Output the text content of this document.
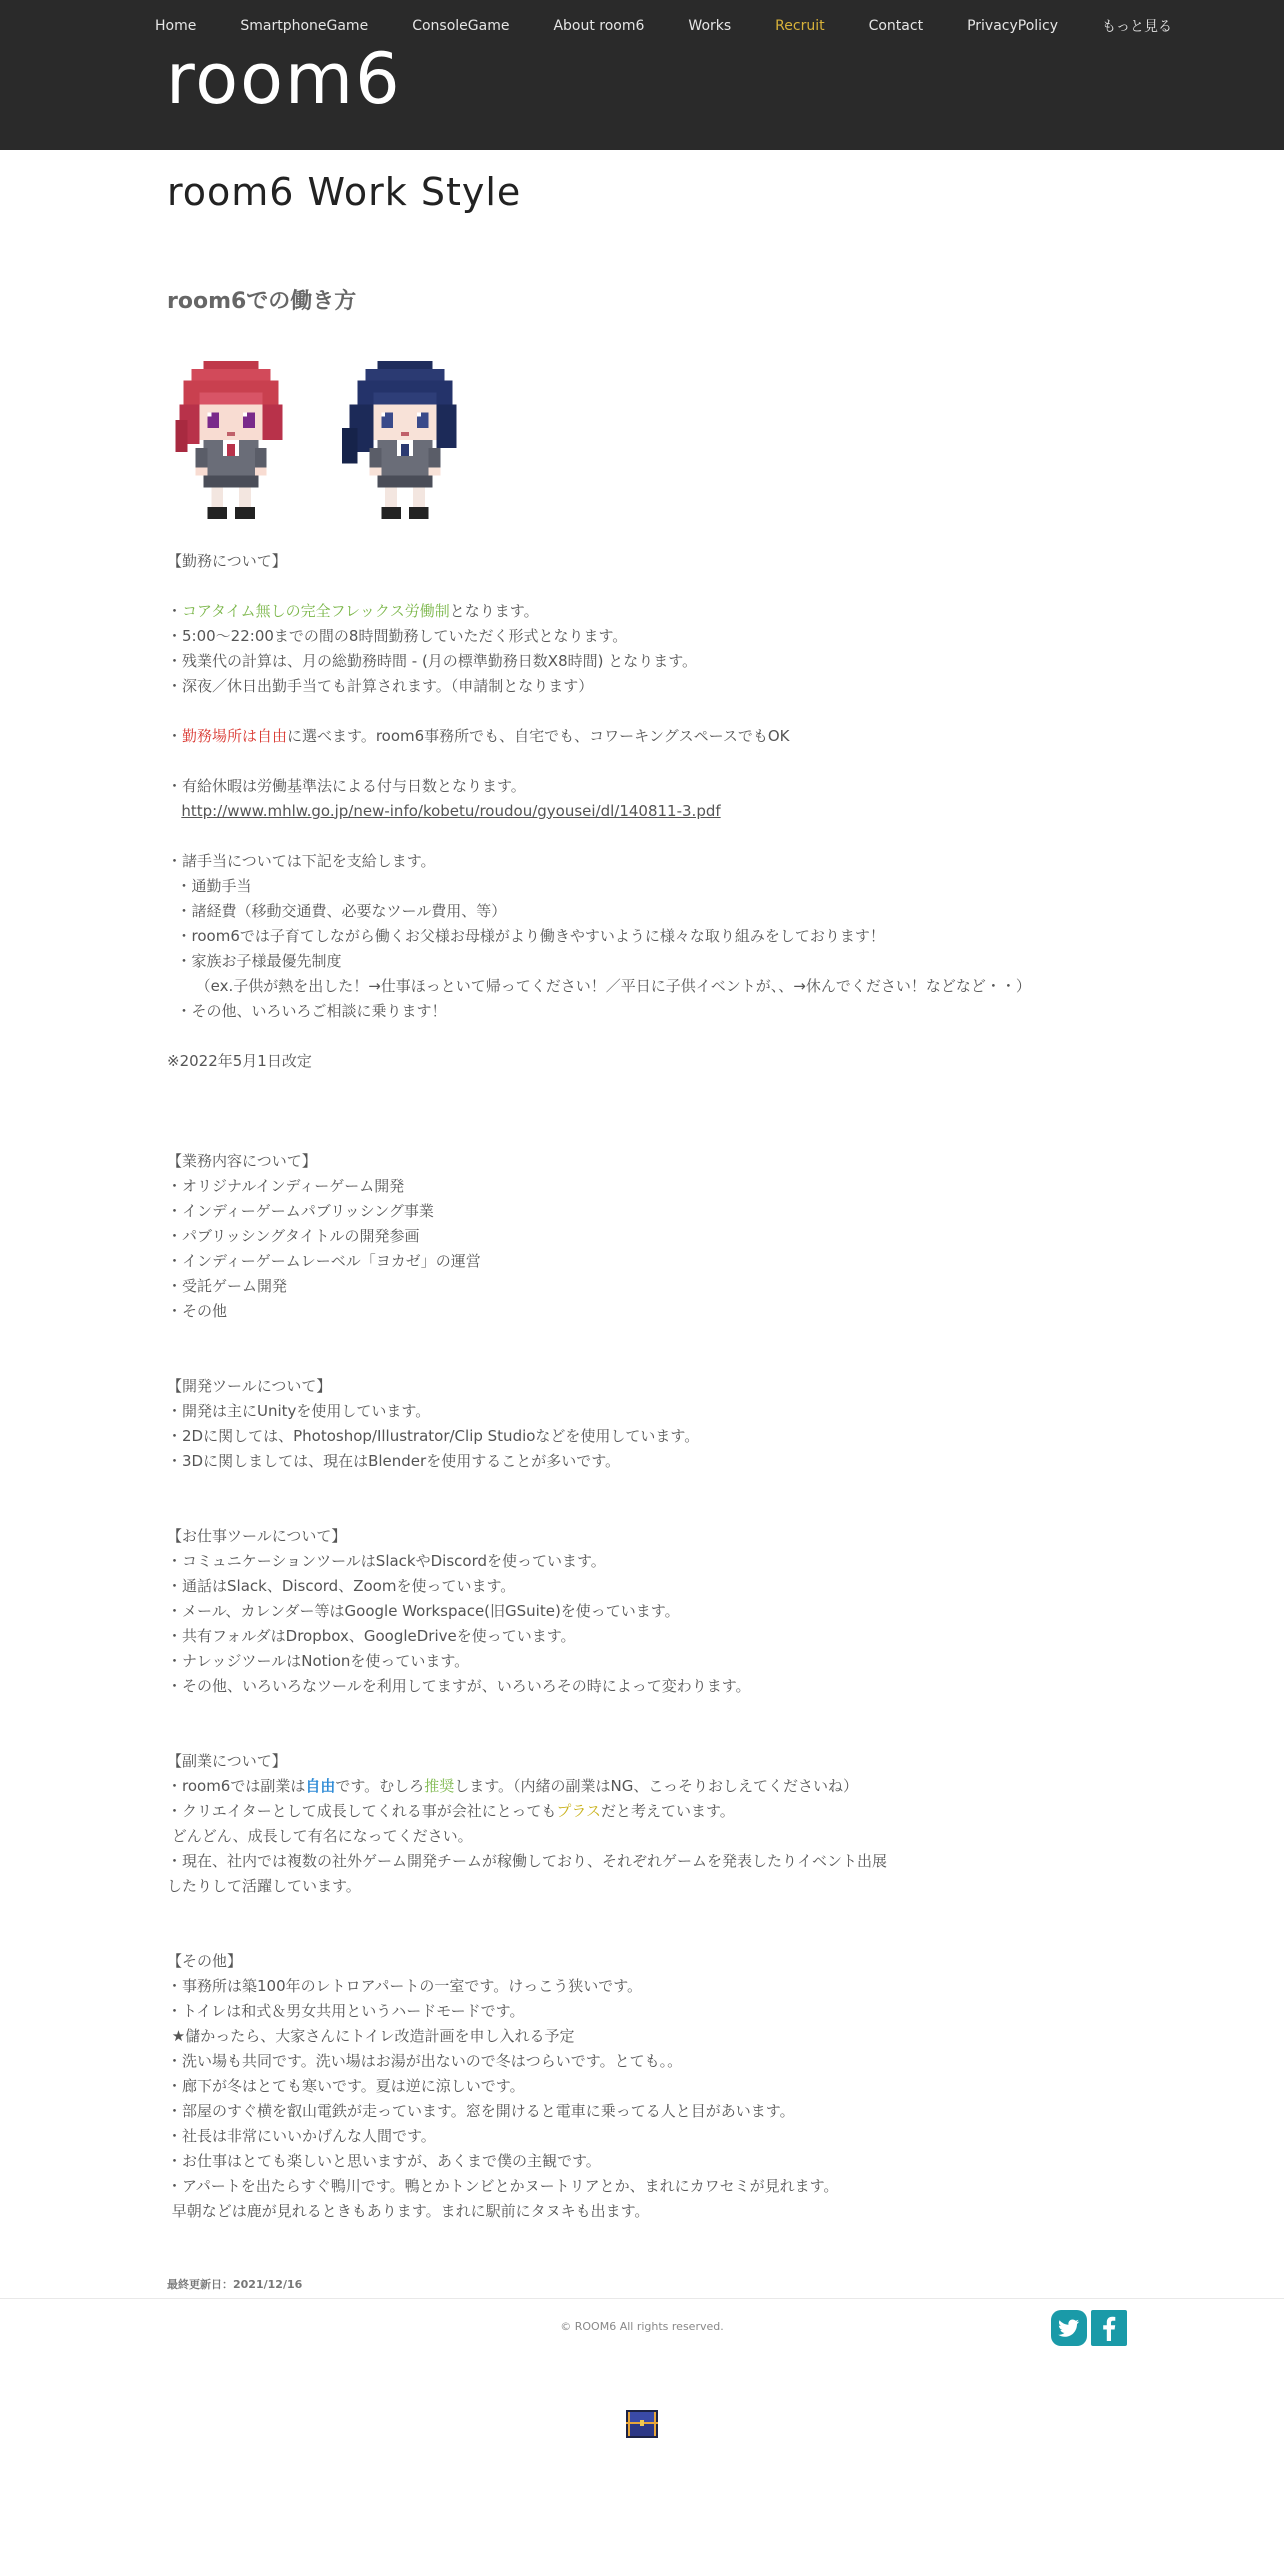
Home	SmartphoneGame	ConsoleGame	About room6	Works	Recruit	Contact	PrivacyPolicy	もっと見る
room6
room6 Work Style
room6での働き方
【勤務について】
・コアタイム無しの完全フレックス労働制となります。
・5:00〜22:00までの間の8時間勤務していただく形式となります。
・残業代の計算は、月の総勤務時間 - (月の標準勤務日数X8時間) となります。
・深夜／休日出勤手当ても計算されます。（申請制となります）
・勤務場所は自由に選べます。room6事務所でも、自宅でも、コワーキングスペースでもOK
・有給休暇は労働基準法による付与日数となります。
http://www.mhlw.go.jp/new-info/kobetu/roudou/gyousei/dl/140811-3.pdf
・諸手当については下記を支給します。
・通勤手当
・諸経費（移動交通費、必要なツール費用、等）
・room6では子育てしながら働くお父様お母様がより働きやすいように様々な取り組みをしております！
・家族お子様最優先制度
（ex.子供が熱を出した！→仕事ほっといて帰ってください！／平日に子供イベントが、、→休んでください！などなど・・）
・その他、いろいろご相談に乗ります！
※2022年5月1日改定
【業務内容について】
・オリジナルインディーゲーム開発
・インディーゲームパブリッシング事業
・パブリッシングタイトルの開発参画
・インディーゲームレーベル「ヨカゼ」の運営
・受託ゲーム開発
・その他
【開発ツールについて】
・開発は主にUnityを使用しています。
・2Dに関しては、Photoshop/Illustrator/Clip Studioなどを使用しています。
・3Dに関しましては、現在はBlenderを使用することが多いです。
【お仕事ツールについて】
・コミュニケーションツールはSlackやDiscordを使っています。
・通話はSlack、Discord、Zoomを使っています。
・メール、カレンダー等はGoogle Workspace(旧GSuite)を使っています。
・共有フォルダはDropbox、GoogleDriveを使っています。
・ナレッジツールはNotionを使っています。
・その他、いろいろなツールを利用してますが、いろいろその時によって変わります。
【副業について】
・room6では副業は自由です。むしろ推奨します。（内緒の副業はNG、こっそりおしえてくださいね）
・クリエイターとして成長してくれる事が会社にとってもプラスだと考えています。
どんどん、成長して有名になってください。
・現在、社内では複数の社外ゲーム開発チームが稼働しており、それぞれゲームを発表したりイベント出展
したりして活躍しています。
【その他】
・事務所は築100年のレトロアパートの一室です。けっこう狭いです。
・トイレは和式＆男女共用というハードモードです。
★儲かったら、大家さんにトイレ改造計画を申し入れる予定
・洗い場も共同です。洗い場はお湯が出ないので冬はつらいです。とても。。
・廊下が冬はとても寒いです。夏は逆に涼しいです。
・部屋のすぐ横を叡山電鉄が走っています。窓を開けると電車に乗ってる人と目があいます。
・社長は非常にいいかげんな人間です。
・お仕事はとても楽しいと思いますが、あくまで僕の主観です。
・アパートを出たらすぐ鴨川です。鴨とかトンビとかヌートリアとか、まれにカワセミが見れます。
早朝などは鹿が見れるときもあります。まれに駅前にタヌキも出ます。
最終更新日：2021/12/16
© ROOM6 All rights reserved.
